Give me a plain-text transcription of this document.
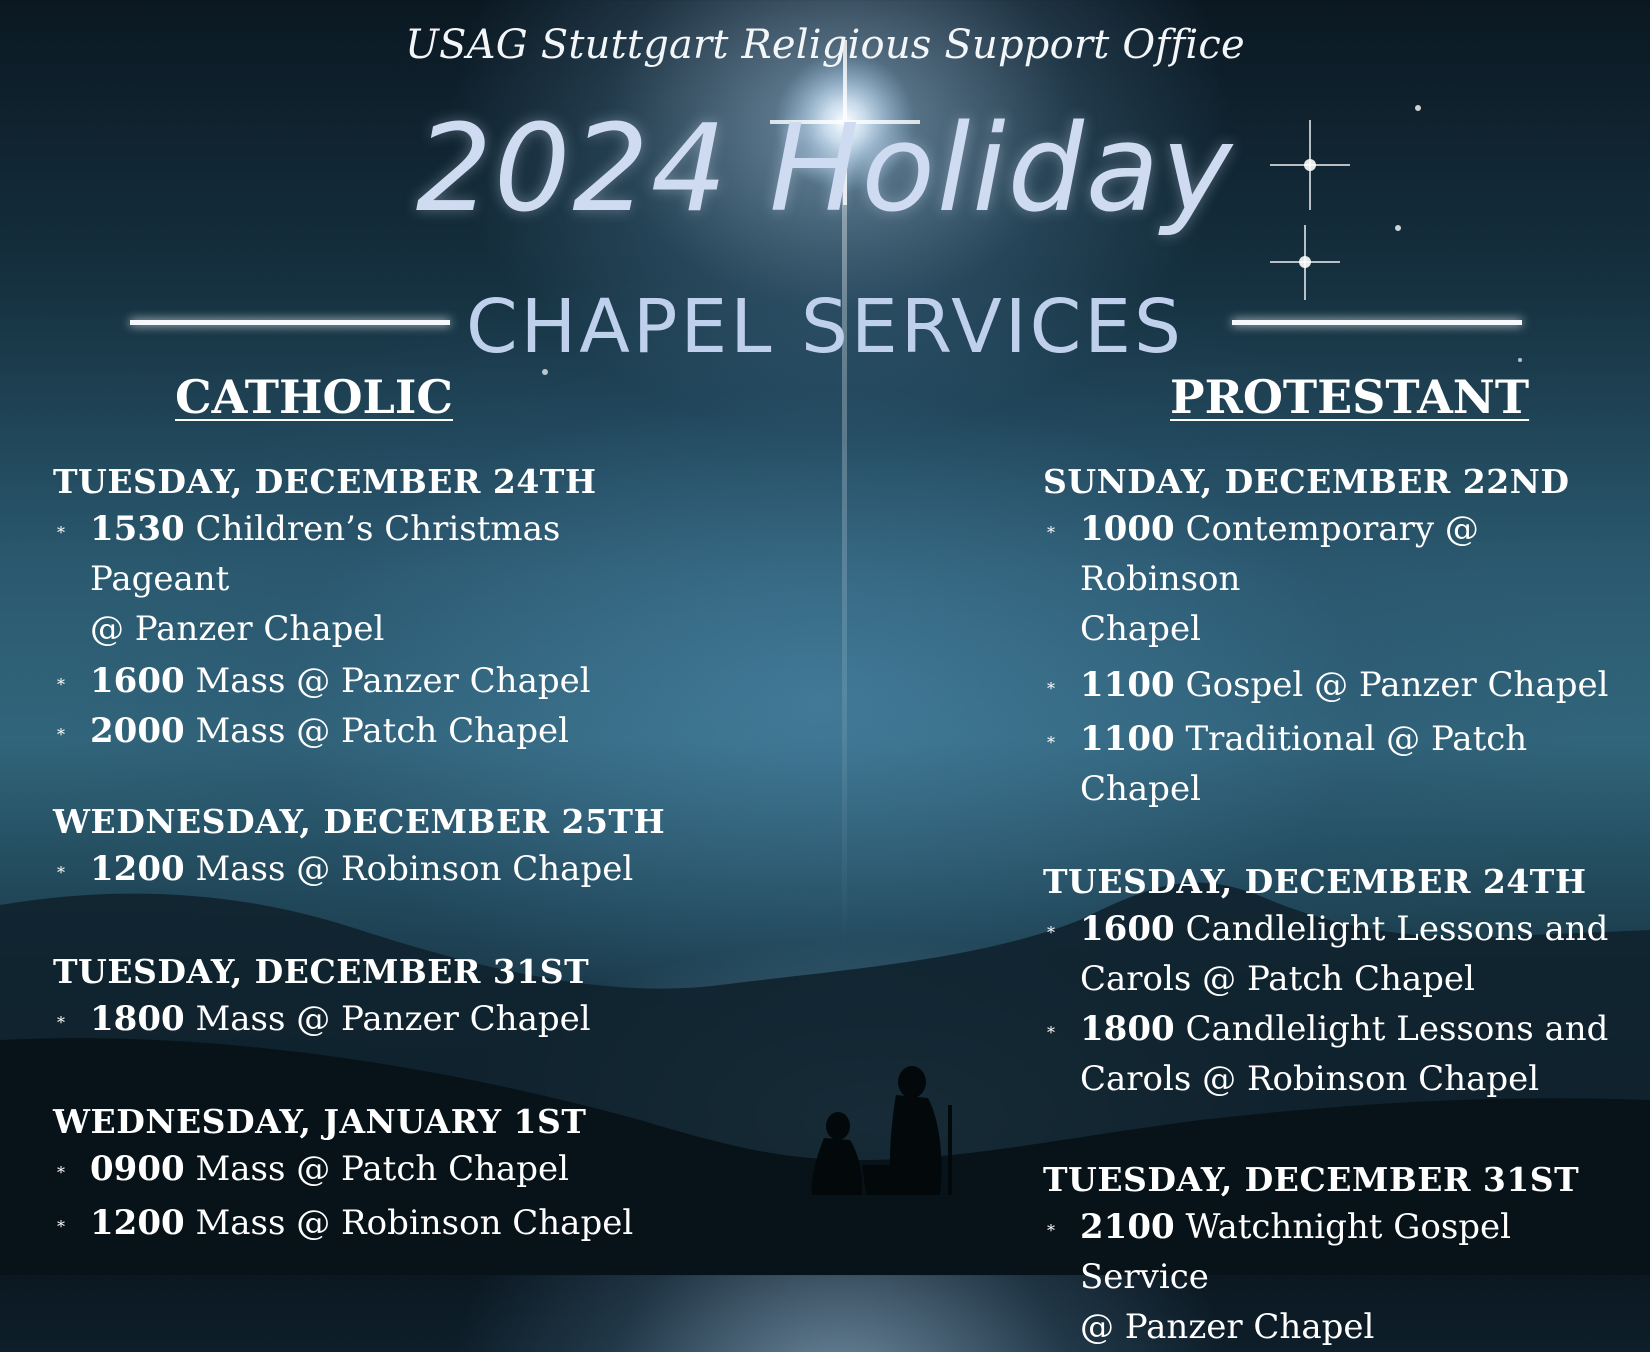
USAG Stuttgart Religious Support Office
2024 Holiday
CHAPEL SERVICES
CATHOLIC	PROTESTANT
TUESDAY, DECEMBER 24TH
* 1530 Children’s Christmas Pageant
@ Panzer Chapel
* 1600 Mass @ Panzer Chapel
* 2000 Mass @ Patch Chapel
WEDNESDAY, DECEMBER 25TH
* 1200 Mass @ Robinson Chapel
TUESDAY, DECEMBER 31ST
* 1800 Mass @ Panzer Chapel
WEDNESDAY, JANUARY 1ST
* 0900 Mass @ Patch Chapel
* 1200 Mass @ Robinson Chapel
SUNDAY, DECEMBER 22ND
* 1000 Contemporary @ Robinson
Chapel
* 1100 Gospel @ Panzer Chapel
* 1100 Traditional @ Patch Chapel
TUESDAY, DECEMBER 24TH
* 1600 Candlelight Lessons and
Carols @ Patch Chapel
* 1800 Candlelight Lessons and
Carols @ Robinson Chapel
TUESDAY, DECEMBER 31ST
* 2100 Watchnight Gospel Service
@ Panzer Chapel
